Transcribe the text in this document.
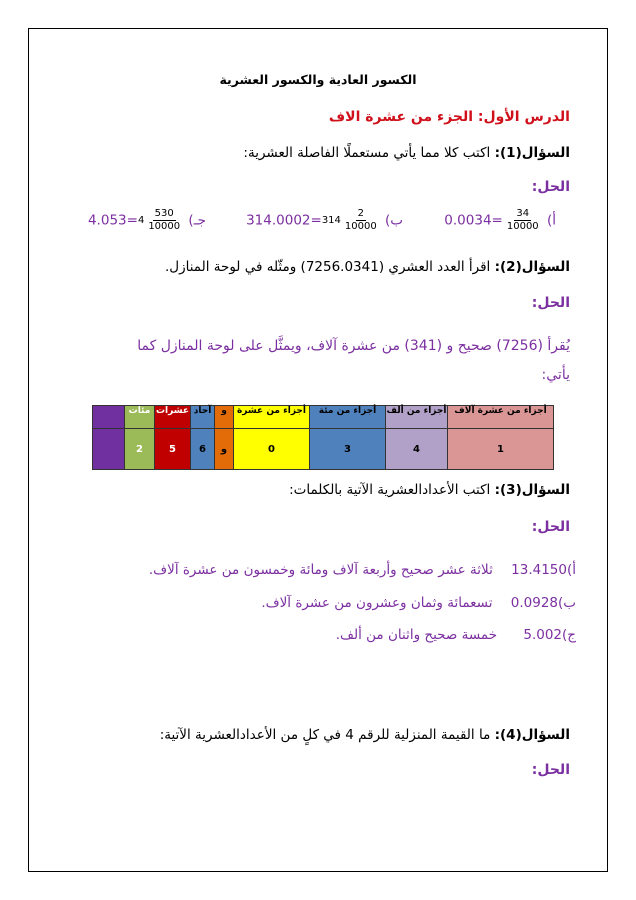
الكسور العادية والكسور العشرية
الدرس الأول: الجزء من عشرة الاف
السؤال(1): اكتب كلا مما يأتي مستعملًا الفاصلة العشرية:
الحل:
أ)
$\frac{34}{10000}$
=0.0034
ب)
$\frac{2}{10000}$
314=314.0002
جـ)
$\frac{530}{10000}$
4=4.053
السؤال(2): اقرأ العدد العشري (7256.0341) ومثّله في لوحة المنازل.
الحل:
يُقرأ (7256) صحيح و (341) من عشرة آلاف، ويمثَّل على لوحة المنازل كما
يأتي:
	مئات	عشرات	آحاد	و	أجزاء من عشرة	أجزاء من مئة	أجزاء من ألف	أجزاء من عشرة آلاف
	2	5	6	و	0	3	4	1
السؤال(3): اكتب الأعدادالعشرية الآتية بالكلمات:
الحل:
أ)13.4150 ثلاثة عشر صحيح وأربعة آلاف ومائة وخمسون من عشرة آلاف.
ب)0.0928 تسعمائة وثمان وعشرون من عشرة آلاف.
ج)5.002 خمسة صحيح واثنان من ألف.
السؤال(4): ما القيمة المنزلية للرقم 4 في كلٍ من الأعدادالعشرية الآتية:
الحل:
